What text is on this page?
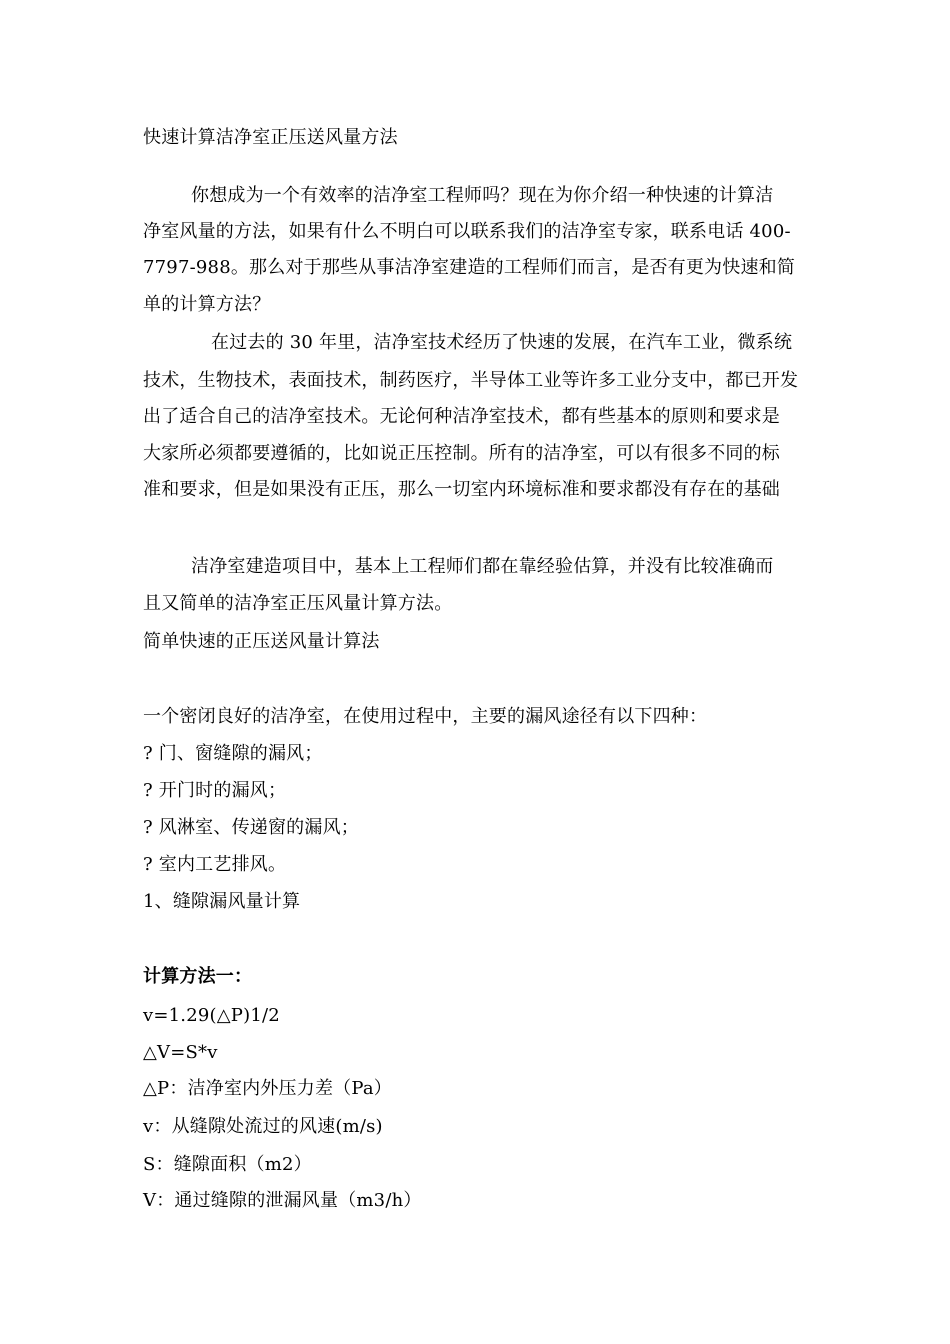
快速计算洁净室正压送风量方法
你想成为一个有效率的洁净室工程师吗？现在为你介绍一种快速的计算洁
净室风量的方法，如果有什么不明白可以联系我们的洁净室专家，联系电话 400-
7797-988。那么对于那些从事洁净室建造的工程师们而言，是否有更为快速和简
单的计算方法？
在过去的 30 年里，洁净室技术经历了快速的发展，在汽车工业，微系统
技术，生物技术，表面技术，制药医疗，半导体工业等许多工业分支中，都已开发
出了适合自己的洁净室技术。无论何种洁净室技术，都有些基本的原则和要求是
大家所必须都要遵循的，比如说正压控制。所有的洁净室，可以有很多不同的标
准和要求，但是如果没有正压，那么一切室内环境标准和要求都没有存在的基础
洁净室建造项目中，基本上工程师们都在靠经验估算，并没有比较准确而
且又简单的洁净室正压风量计算方法。
简单快速的正压送风量计算法
一个密闭良好的洁净室，在使用过程中，主要的漏风途径有以下四种：
? 门、窗缝隙的漏风；
? 开门时的漏风；
? 风淋室、传递窗的漏风；
? 室内工艺排风。
1、缝隙漏风量计算
计算方法一：
v=1.29(△P)1/2
△V=S*v
△P：洁净室内外压力差（Pa）
v：从缝隙处流过的风速(m/s)
S：缝隙面积（m2）
V：通过缝隙的泄漏风量（m3/h）
